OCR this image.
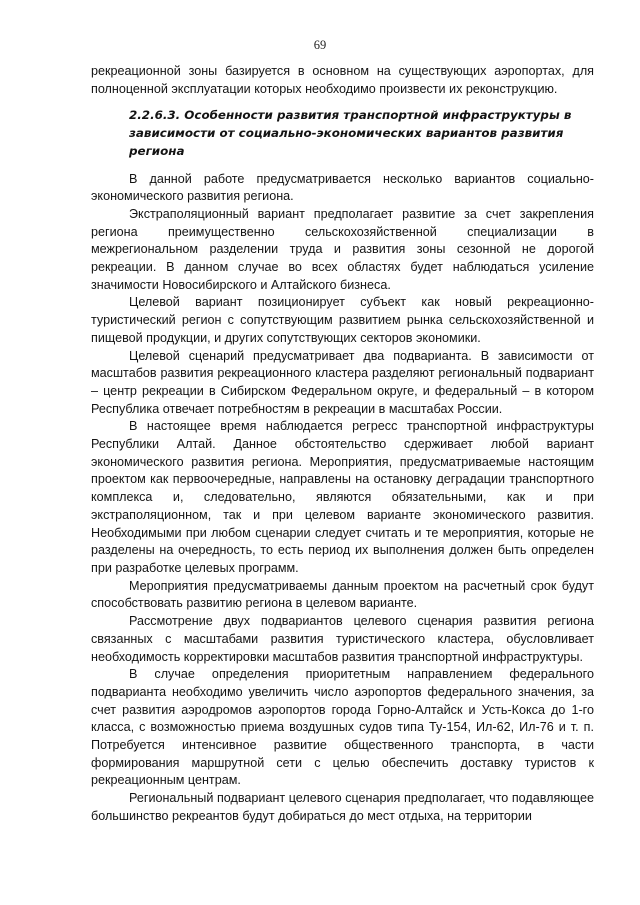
69

рекреационной зоны базируется в основном на существующих аэропортах, для полноценной эксплуатации которых необходимо произвести их реконструкцию.

2.2.6.3. Особенности развития транспортной инфраструктуры в зависимости от социально-экономических вариантов развития региона

В данной работе предусматривается несколько вариантов социально-экономического развития региона.

Экстраполяционный вариант предполагает развитие за счет закрепления региона преимущественно сельскохозяйственной специализации в межрегиональном разделении труда и развития зоны сезонной не дорогой рекреации. В данном случае во всех областях будет наблюдаться усиление значимости Новосибирского и Алтайского бизнеса.

Целевой вариант позиционирует субъект как новый рекреационно-туристический регион с сопутствующим развитием рынка сельскохозяйственной и пищевой продукции, и других сопутствующих секторов экономики.

Целевой сценарий предусматривает два подварианта. В зависимости от масштабов развития рекреационного кластера разделяют региональный подвариант – центр рекреации в Сибирском Федеральном округе, и федеральный – в котором Республика отвечает потребностям в рекреации в масштабах России.

В настоящее время наблюдается регресс транспортной инфраструктуры Республики Алтай. Данное обстоятельство сдерживает любой вариант экономического развития региона. Мероприятия, предусматриваемые настоящим проектом как первоочередные, направлены на остановку деградации транспортного комплекса и, следовательно, являются обязательными, как и при экстраполяционном, так и при целевом варианте экономического развития. Необходимыми при любом сценарии следует считать и те мероприятия, которые не разделены на очередность, то есть период их выполнения должен быть определен при разработке целевых программ.

Мероприятия предусматриваемы данным проектом на расчетный срок будут способствовать развитию региона в целевом варианте.

Рассмотрение двух подвариантов целевого сценария развития региона связанных с масштабами развития туристического кластера, обусловливает необходимость корректировки масштабов развития транспортной инфраструктуры.

В случае определения приоритетным направлением федерального подварианта необходимо увеличить число аэропортов федерального значения, за счет развития аэродромов аэропортов города Горно-Алтайск и Усть-Кокса до 1-го класса, с возможностью приема воздушных судов типа Ту-154, Ил-62, Ил-76 и т. п. Потребуется интенсивное развитие общественного транспорта, в части формирования маршрутной сети с целью обеспечить доставку туристов к рекреационным центрам.

Региональный подвариант целевого сценария предполагает, что подавляющее большинство рекреантов будут добираться до мест отдыха, на территории
